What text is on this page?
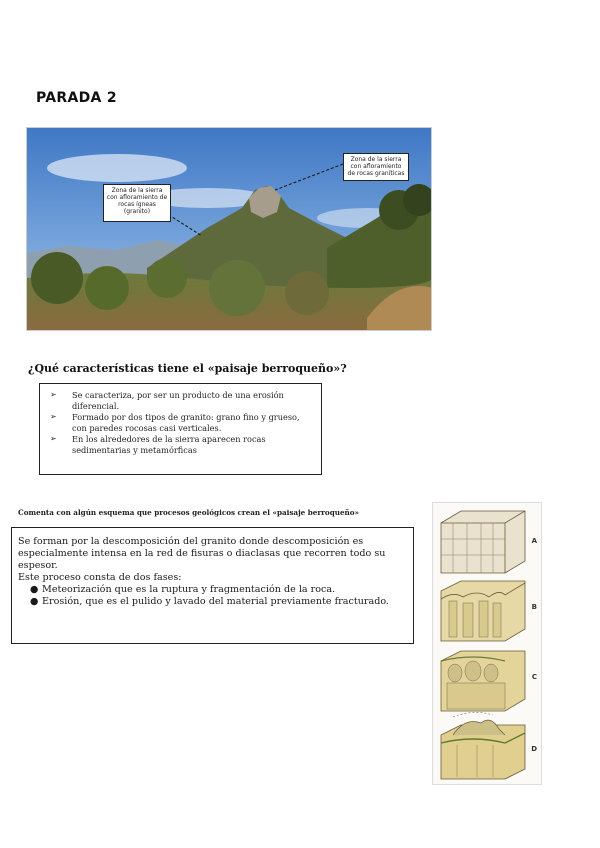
PARADA 2
Zona de la sierra con afloramiento de rocas ígneas (granito)
Zona de la sierra con afloramiento de rocas graníticas
¿Qué características tiene el «paisaje berroqueño»?
➢	Se caracteriza, por ser un producto de una erosión diferencial.
➢	Formado por dos tipos de granito: grano fino y grueso, con paredes rocosas casi verticales.
➢	En los alrededores de la sierra aparecen rocas sedimentarias y metamórficas
Comenta con algún esquema que procesos geológicos crean el «paisaje berroqueño»
Se forman por la descomposición del granito donde descomposición es especialmente intensa en la red de fisuras o diaclasas que recorren todo su espesor.
Este proceso consta de dos fases:
● Meteorización que es la ruptura y fragmentación de la roca.
● Erosión, que es el pulido y lavado del material previamente fracturado.
A
B
C
D
